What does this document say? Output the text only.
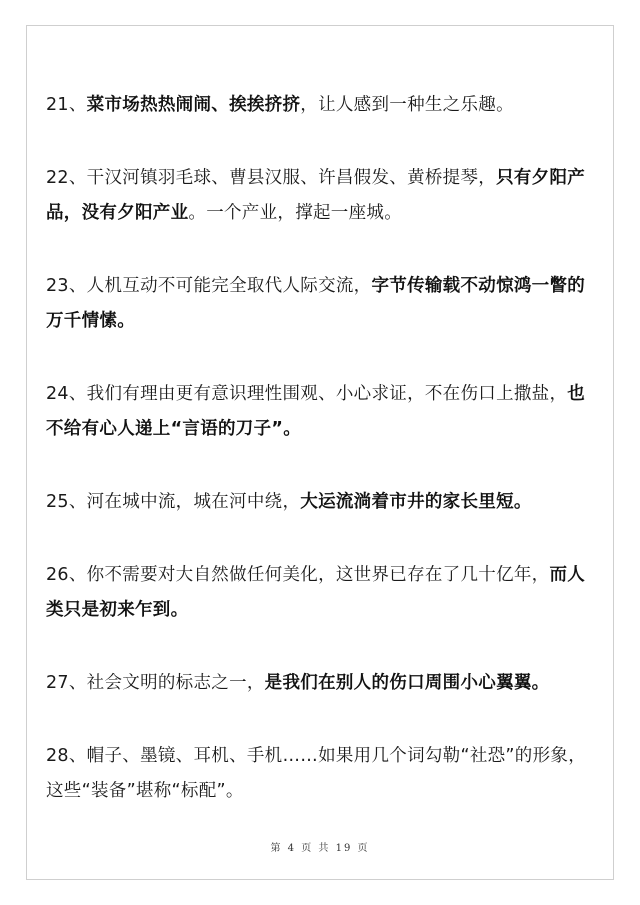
21、菜市场热热闹闹、挨挨挤挤，让人感到一种生之乐趣。

22、干汉河镇羽毛球、曹县汉服、许昌假发、黄桥提琴，只有夕阳产品，没有夕阳产业。一个产业，撑起一座城。

23、人机互动不可能完全取代人际交流，字节传输载不动惊鸿一瞥的万千情愫。

24、我们有理由更有意识理性围观、小心求证，不在伤口上撒盐，也不给有心人递上“言语的刀子”。

25、河在城中流，城在河中绕，大运流淌着市井的家长里短。

26、你不需要对大自然做任何美化，这世界已存在了几十亿年，而人类只是初来乍到。

27、社会文明的标志之一，是我们在别人的伤口周围小心翼翼。

28、帽子、墨镜、耳机、手机……如果用几个词勾勒“社恐”的形象，这些“装备”堪称“标配”。

第 4 页 共 19 页
